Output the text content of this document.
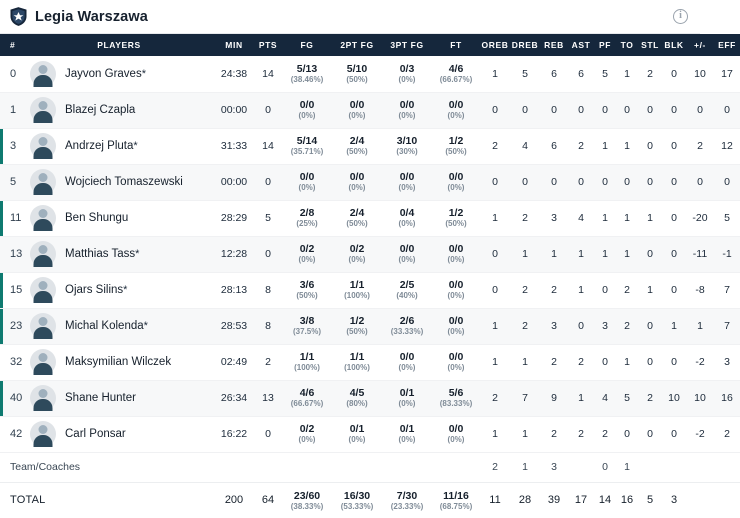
Legia Warszawa	i
#	PLAYERS	MIN	PTS	FG	2PT FG	3PT FG	FT	OREB	DREB	REB	AST	PF	TO	STL	BLK	+/-	EFF

0	Jayvon Graves *	24:38	14	5/13
(38.46%)

5/10
(50%)

0/3
(0%)

4/6
(66.67%)	1	5	6	6	5	1	2	0	10	17

1	Blazej Czapla	00:00	0	0/0
(0%)

0/0
(0%)

0/0
(0%)

0/0
(0%)	0	0	0	0	0	0	0	0	0	0

3	Andrzej Pluta *	31:33	14	5/14
(35.71%)

2/4
(50%)

3/10
(30%)

1/2
(50%)	2	4	6	2	1	1	0	0	2	12

5	Wojciech Tomaszewski	00:00	0	0/0
(0%)

0/0
(0%)

0/0
(0%)

0/0
(0%)	0	0	0	0	0	0	0	0	0	0

11	Ben Shungu	28:29	5	2/8
(25%)

2/4
(50%)

0/4
(0%)

1/2
(50%)	1	2	3	4	1	1	1	0	-20	5

13	Matthias Tass *	12:28	0	0/2
(0%)

0/2
(0%)

0/0
(0%)

0/0
(0%)	0	1	1	1	1	1	0	0	-11	-1

15	Ojars Silins *	28:13	8	3/6
(50%)

1/1
(100%)

2/5
(40%)

0/0
(0%)	0	2	2	1	0	2	1	0	-8	7

23	Michal Kolenda *	28:53	8	3/8
(37.5%)

1/2
(50%)

2/6
(33.33%)

0/0
(0%)	1	2	3	0	3	2	0	1	1	7

32	Maksymilian Wilczek	02:49	2	1/1
(100%)

1/1
(100%)

0/0
(0%)

0/0
(0%)	1	1	2	2	0	1	0	0	-2	3

40	Shane Hunter	26:34	13	4/6
(66.67%)

4/5
(80%)

0/1
(0%)

5/6
(83.33%)	2	7	9	1	4	5	2	10	10	16

42	Carl Ponsar	16:22	0	0/2
(0%)

0/1
(0%)

0/1
(0%)

0/0
(0%)	1	1	2	2	2	0	0	0	-2	2
Team/Coaches								2	1	3		0	1				
TOTAL	200	64	23/60
(38.33%)

16/30
(53.33%)

7/30
(23.33%)

11/16
(68.75%)	11	28	39	17	14	16	5	3		
